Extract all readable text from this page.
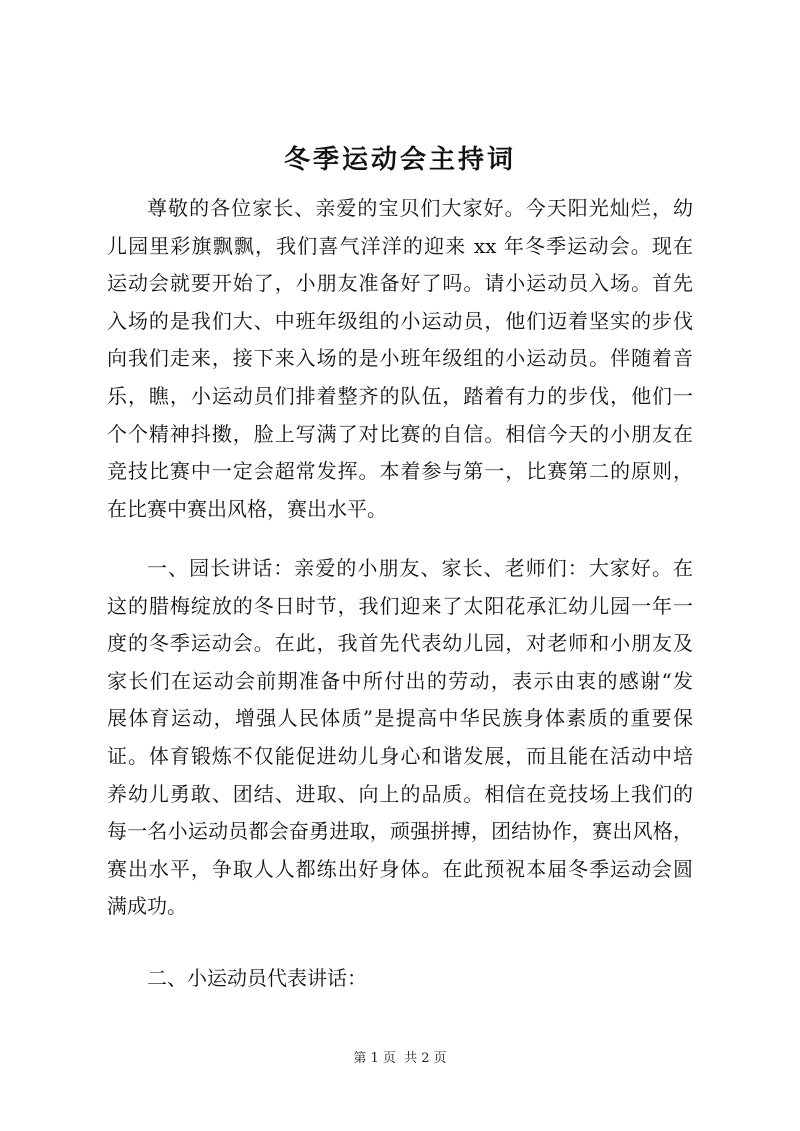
冬季运动会主持词
尊敬的各位家长、亲爱的宝贝们大家好。今天阳光灿烂，幼
儿园里彩旗飘飘，我们喜气洋洋的迎来 xx 年冬季运动会。现在
运动会就要开始了，小朋友准备好了吗。请小运动员入场。首先
入场的是我们大、中班年级组的小运动员，他们迈着坚实的步伐
向我们走来，接下来入场的是小班年级组的小运动员。伴随着音
乐，瞧，小运动员们排着整齐的队伍，踏着有力的步伐，他们一
个个精神抖擞，脸上写满了对比赛的自信。相信今天的小朋友在
竞技比赛中一定会超常发挥。本着参与第一，比赛第二的原则，
在比赛中赛出风格，赛出水平。
一、园长讲话：亲爱的小朋友、家长、老师们：大家好。在
这的腊梅绽放的冬日时节，我们迎来了太阳花承汇幼儿园一年一
度的冬季运动会。在此，我首先代表幼儿园，对老师和小朋友及
家长们在运动会前期准备中所付出的劳动，表示由衷的感谢“发
展体育运动，增强人民体质”是提高中华民族身体素质的重要保
证。体育锻炼不仅能促进幼儿身心和谐发展，而且能在活动中培
养幼儿勇敢、团结、进取、向上的品质。相信在竞技场上我们的
每一名小运动员都会奋勇进取，顽强拼搏，团结协作，赛出风格，
赛出水平，争取人人都练出好身体。在此预祝本届冬季运动会圆
满成功。
二、小运动员代表讲话：
第 1 页 共 2 页
